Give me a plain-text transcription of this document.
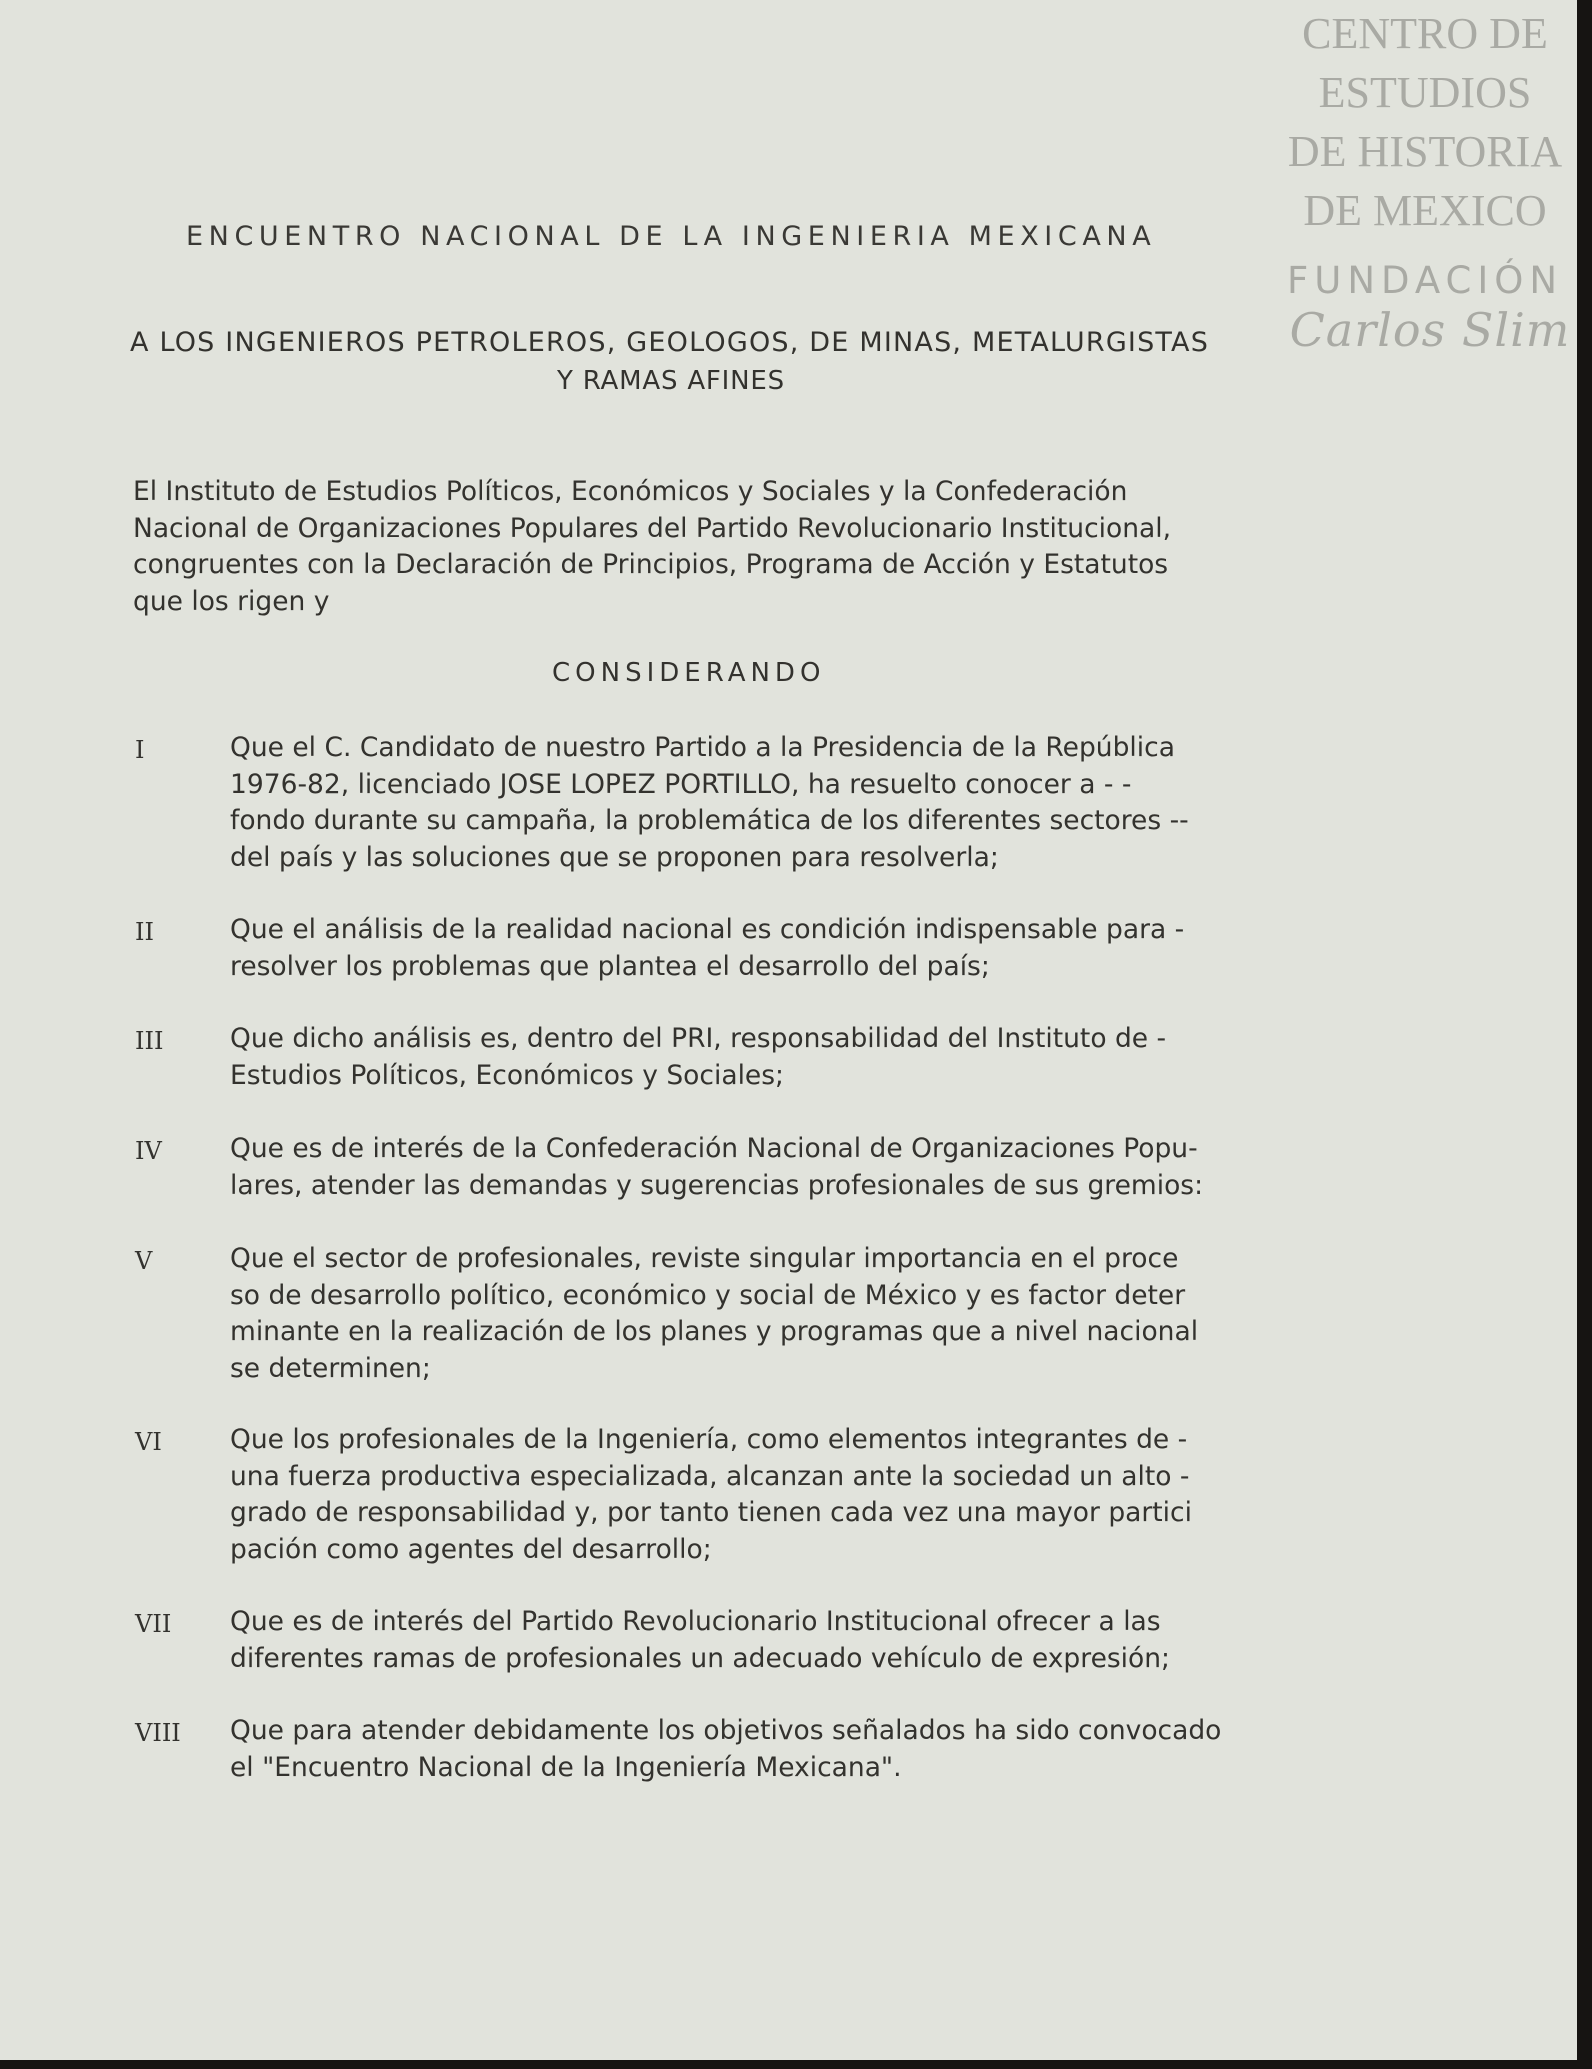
CENTRO DE
ESTUDIOS
DE HISTORIA
DE MEXICO
FUNDACIÓN
Carlos Slim
ENCUENTRO NACIONAL DE LA INGENIERIA MEXICANA
A LOS INGENIEROS PETROLEROS, GEOLOGOS, DE MINAS, METALURGISTAS
Y RAMAS AFINES
El Instituto de Estudios Políticos, Económicos y Sociales y la Confederación
Nacional de Organizaciones Populares del Partido Revolucionario Institucional,
congruentes con la Declaración de Principios, Programa de Acción y Estatutos
que los rigen y
CONSIDERANDO
I	Que el C. Candidato de nuestro Partido a la Presidencia de la República
1976-82, licenciado JOSE LOPEZ PORTILLO, ha resuelto conocer a - -
fondo durante su campaña, la problemática de los diferentes sectores --
del país y las soluciones que se proponen para resolverla;
II	Que el análisis de la realidad nacional es condición indispensable para -
resolver los problemas que plantea el desarrollo del país;
III	Que dicho análisis es, dentro del PRI, responsabilidad del Instituto de -
Estudios Políticos, Económicos y Sociales;
IV	Que es de interés de la Confederación Nacional de Organizaciones Popu-
lares, atender las demandas y sugerencias profesionales de sus gremios:
V	Que el sector de profesionales, reviste singular importancia en el proce
so de desarrollo político, económico y social de México y es factor deter
minante en la realización de los planes y programas que a nivel nacional
se determinen;
VI	Que los profesionales de la Ingeniería, como elementos integrantes de -
una fuerza productiva especializada, alcanzan ante la sociedad un alto -
grado de responsabilidad y, por tanto tienen cada vez una mayor partici
pación como agentes del desarrollo;
VII Que es de interés del Partido Revolucionario Institucional ofrecer a las
diferentes ramas de profesionales un adecuado vehículo de expresión;
VIII Que para atender debidamente los objetivos señalados ha sido convocado
el "Encuentro Nacional de la Ingeniería Mexicana".
